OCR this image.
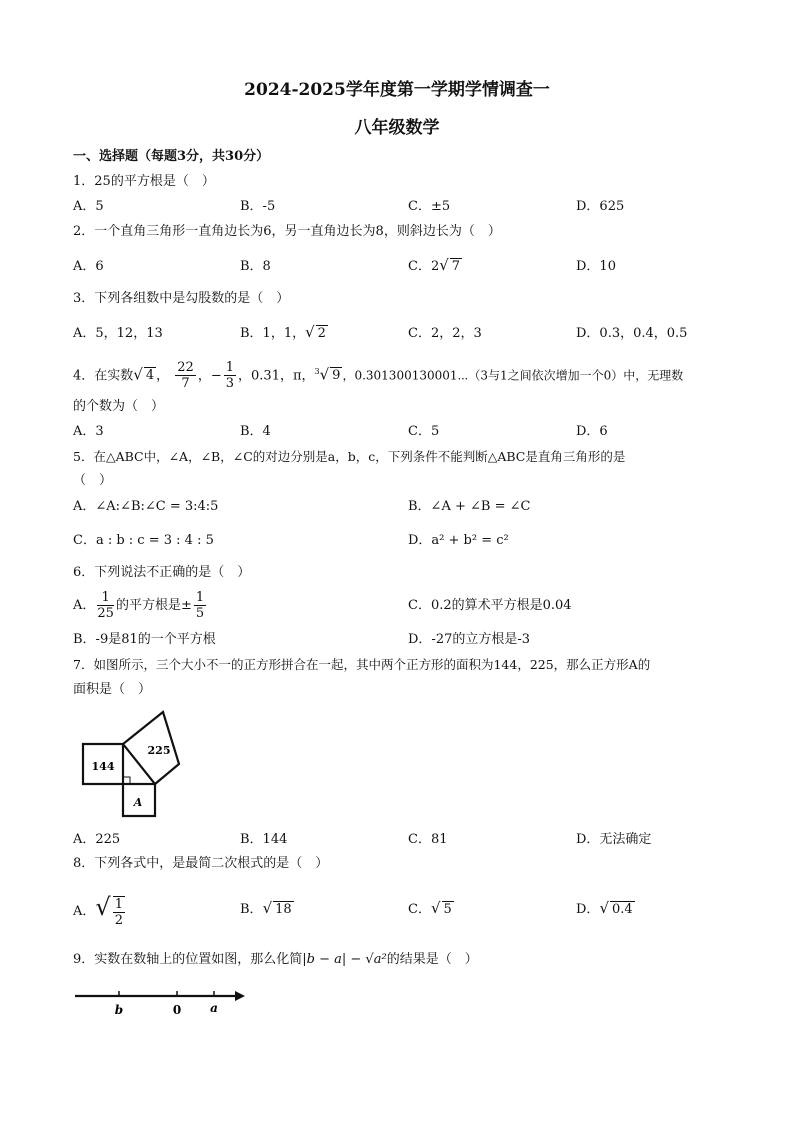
2024-2025学年度第一学期学情调查一
八年级数学
一、选择题（每题3分，共30分）
1．25的平方根是（　）
A．5	B．-5	C．±5	D．625
2．一个直角三角形一直角边长为6，另一直角边长为8，则斜边长为（　）
A．6	B．8	C．2√ 7	D．10
3．下列各组数中是勾股数的是（　）
A．5，12，13	B．1，1，√ 2	C．2，2，3	D．0.3，0.4，0.5
4．在实数√ 4 ， $\frac{22}{7}$ ，− $\frac{1}{3}$ ，0.31，π，$^3$√ 9 ，0.301300130001⋯（3与1之间依次增加一个0）中，无理数
的个数为（　）
A．3	B．4	C．5	D．6
5．在△ABC中，∠A，∠B，∠C的对边分别是a，b，c，下列条件不能判断△ABC是直角三角形的是
（　）
A．∠A:∠B:∠C = 3:4:5	B．∠A + ∠B = ∠C
C．a : b : c = 3 : 4 : 5	D．a² + b² = c²
6．下列说法不正确的是（　）
A． $\frac{1}{25}$ 的平方根是± $\frac{1}{5}$	C．0.2的算术平方根是0.04
B．-9是81的一个平方根	D．-27的立方根是-3
7．如图所示，三个大小不一的正方形拼合在一起，其中两个正方形的面积为144，225，那么正方形A的
面积是（　）
144
225
A
A．225	B．144	C．81	D．无法确定
8．下列各式中，是最简二次根式的是（　）
A．√ $\frac{1}{2}$	B．√ 18	C．√ 5	D．√ 0.4
9．实数在数轴上的位置如图，那么化简|b − a| − √a²的结果是（　）
b	0 a
